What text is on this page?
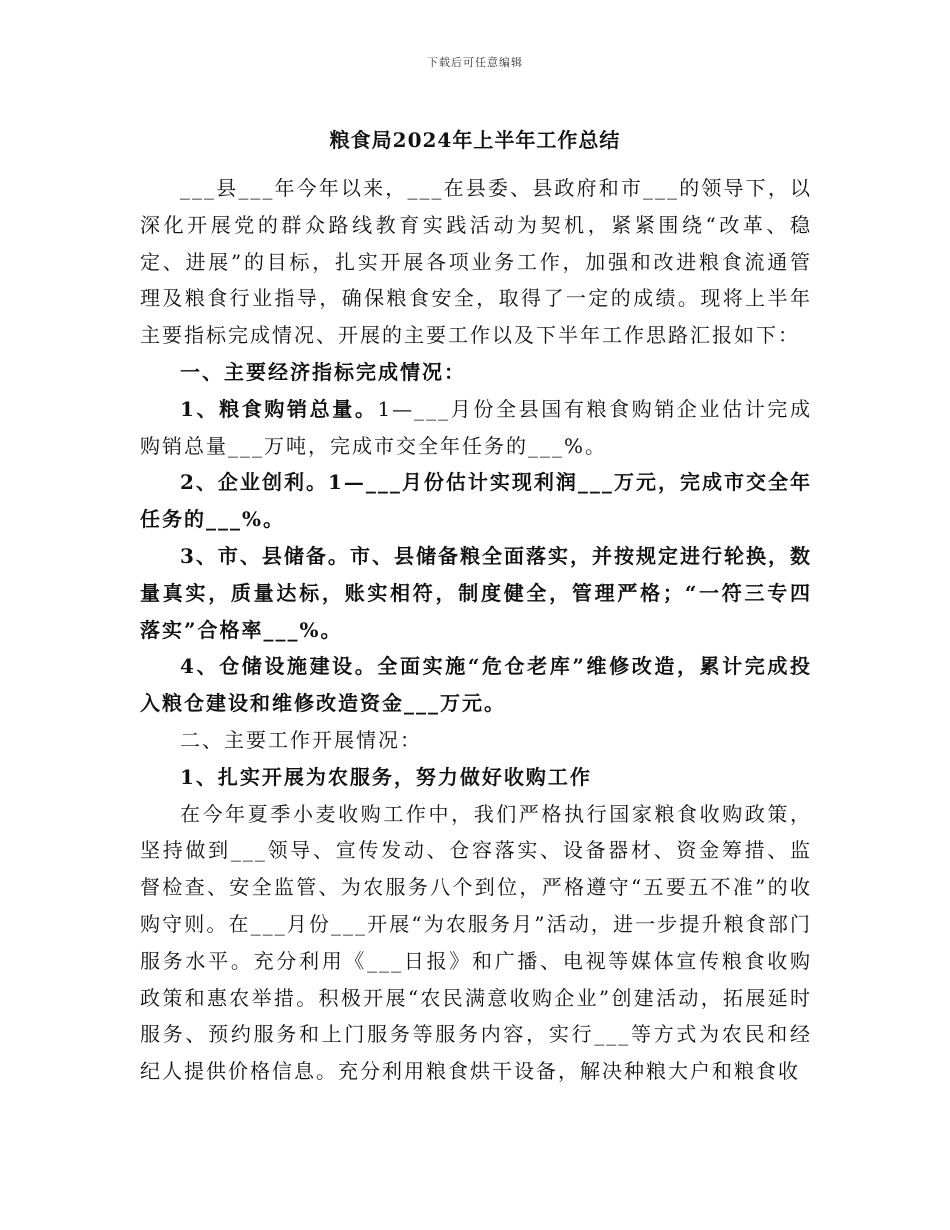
下载后可任意编辑
粮食局2024年上半年工作总结

___县___年今年以来，___在县委、县政府和市___的领导下，以深化开展党的群众路线教育实践活动为契机，紧紧围绕“改革、稳定、进展”的目标，扎实开展各项业务工作，加强和改进粮食流通管理及粮食行业指导，确保粮食安全，取得了一定的成绩。现将上半年主要指标完成情况、开展的主要工作以及下半年工作思路汇报如下：

一、主要经济指标完成情况：

1、粮食购销总量。1—___月份全县国有粮食购销企业估计完成购销总量___万吨，完成市交全年任务的___%。

2、企业创利。1—___月份估计实现利润___万元，完成市交全年任务的___%。

3、市、县储备。市、县储备粮全面落实，并按规定进行轮换，数量真实，质量达标，账实相符，制度健全，管理严格；“一符三专四落实”合格率___%。

4、仓储设施建设。全面实施“危仓老库”维修改造，累计完成投入粮仓建设和维修改造资金___万元。

二、主要工作开展情况：

1、扎实开展为农服务，努力做好收购工作

在今年夏季小麦收购工作中，我们严格执行国家粮食收购政策，坚持做到___领导、宣传发动、仓容落实、设备器材、资金筹措、监督检查、安全监管、为农服务八个到位，严格遵守“五要五不准”的收购守则。在___月份___开展“为农服务月”活动，进一步提升粮食部门服务水平。充分利用《___日报》和广播、电视等媒体宣传粮食收购政策和惠农举措。积极开展“农民满意收购企业”创建活动，拓展延时服务、预约服务和上门服务等服务内容，实行___等方式为农民和经纪人提供价格信息。充分利用粮食烘干设备，解决种粮大户和粮食收
